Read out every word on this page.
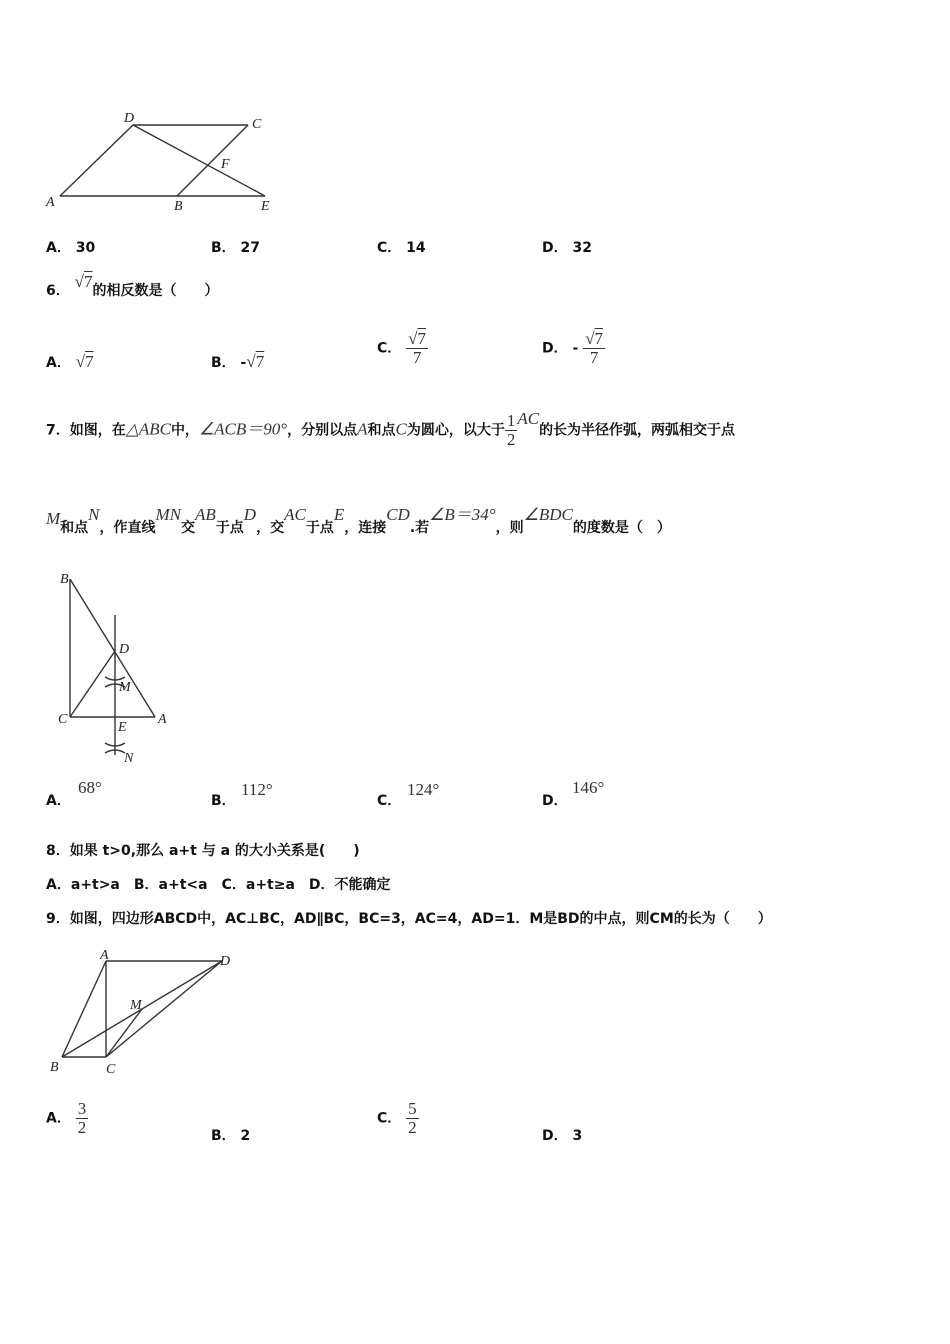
D	C
F
A	B	E
A． 30	B． 27	C． 14	D． 32
6． √7的相反数是（　　）
A． √7	B． -√7
C． $\frac{√7}{7}$	D． - $\frac{√7}{7}$
7．如图，在△ABC中，∠ACB＝90°，分别以点A和点C为圆心，以大于 $\frac{1}{2}$ AC的长为半径作弧，两弧相交于点
M和点N，作直线MN交AB于点D，交AC于点E，连接CD.若∠B＝34°，则∠BDC的度数是（　）
B
D
M
C
E
A
N
A．
68°
B．
112°
C．
124°
D．
146°
8．如果 t>0,那么 a+t 与 a 的大小关系是(　　)
A．a+t>a　B．a+t<a　C．a+t≥a　D．不能确定
9．如图，四边形ABCD中，AC⊥BC，AD∥BC，BC=3，AC=4，AD=1．M是BD的中点，则CM的长为（　　）
A	D
M
B	C
A． $\frac{3}{2}$	B． 2
C． $\frac{5}{2}$	D． 3
